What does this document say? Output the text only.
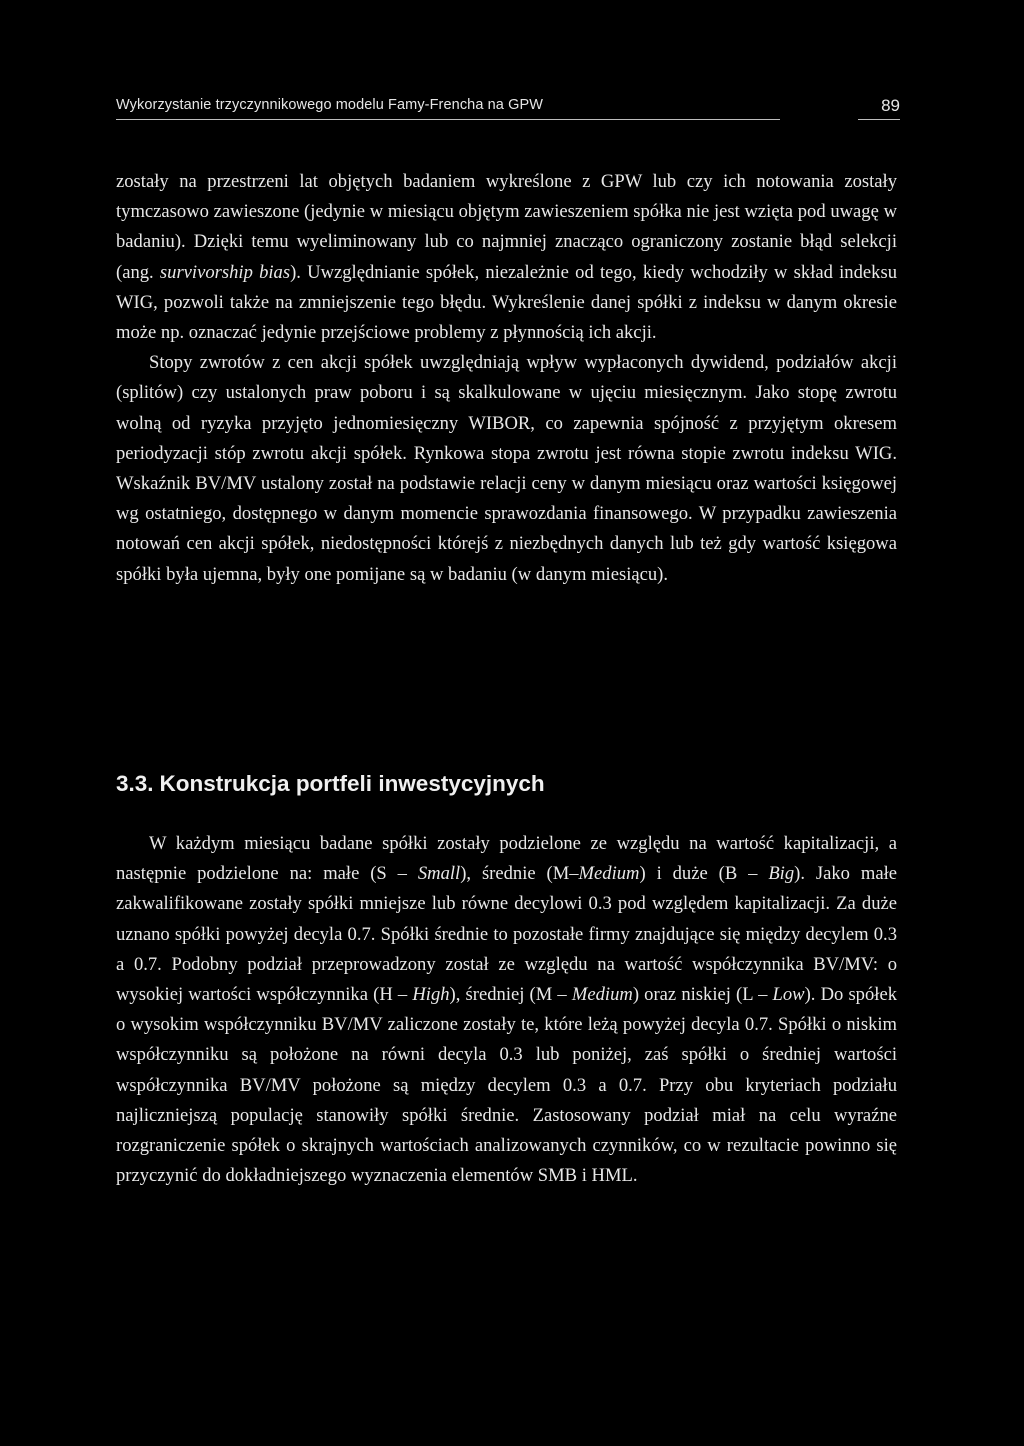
Wykorzystanie trzyczynnikowego modelu Famy-Frencha na GPW	89

zostały na przestrzeni lat objętych badaniem wykreślone z GPW lub czy ich notowania zostały tymczasowo zawieszone (jedynie w miesiącu objętym zawieszeniem spółka nie jest wzięta pod uwagę w badaniu). Dzięki temu wyeliminowany lub co najmniej znacząco ograniczony zostanie błąd selekcji (ang. survivorship bias). Uwzględnianie spółek, niezależnie od tego, kiedy wchodziły w skład indeksu WIG, pozwoli także na zmniejszenie tego błędu. Wykreślenie danej spółki z indeksu w danym okresie może np. oznaczać jedynie przejściowe problemy z płynnością ich akcji.

Stopy zwrotów z cen akcji spółek uwzględniają wpływ wypłaconych dywidend, podziałów akcji (splitów) czy ustalonych praw poboru i są skalkulowane w ujęciu miesięcznym. Jako stopę zwrotu wolną od ryzyka przyjęto jednomiesięczny WIBOR, co zapewnia spójność z przyjętym okresem periodyzacji stóp zwrotu akcji spółek. Rynkowa stopa zwrotu jest równa stopie zwrotu indeksu WIG. Wskaźnik BV/MV ustalony został na podstawie relacji ceny w danym miesiącu oraz wartości księgowej wg ostatniego, dostępnego w danym momencie sprawozdania finansowego. W przypadku zawieszenia notowań cen akcji spółek, niedostępności którejś z niezbędnych danych lub też gdy wartość księgowa spółki była ujemna, były one pomijane są w badaniu (w danym miesiącu).

3.3. Konstrukcja portfeli inwestycyjnych

W każdym miesiącu badane spółki zostały podzielone ze względu na wartość kapitalizacji, a następnie podzielone na: małe (S – Small), średnie (M–Medium) i duże (B – Big). Jako małe zakwalifikowane zostały spółki mniejsze lub równe decylowi 0.3 pod względem kapitalizacji. Za duże uznano spółki powyżej decyla 0.7. Spółki średnie to pozostałe firmy znajdujące się między decylem 0.3 a 0.7. Podobny podział przeprowadzony został ze względu na wartość współczynnika BV/MV: o wysokiej wartości współczynnika (H – High), średniej (M – Medium) oraz niskiej (L – Low). Do spółek o wysokim współczynniku BV/MV zaliczone zostały te, które leżą powyżej decyla 0.7. Spółki o niskim współczynniku są położone na równi decyla 0.3 lub poniżej, zaś spółki o średniej wartości współczynnika BV/MV położone są między decylem 0.3 a 0.7. Przy obu kryteriach podziału najliczniejszą populację stanowiły spółki średnie. Zastosowany podział miał na celu wyraźne rozgraniczenie spółek o skrajnych wartościach analizowanych czynników, co w rezultacie powinno się przyczynić do dokładniejszego wyznaczenia elementów SMB i HML.
